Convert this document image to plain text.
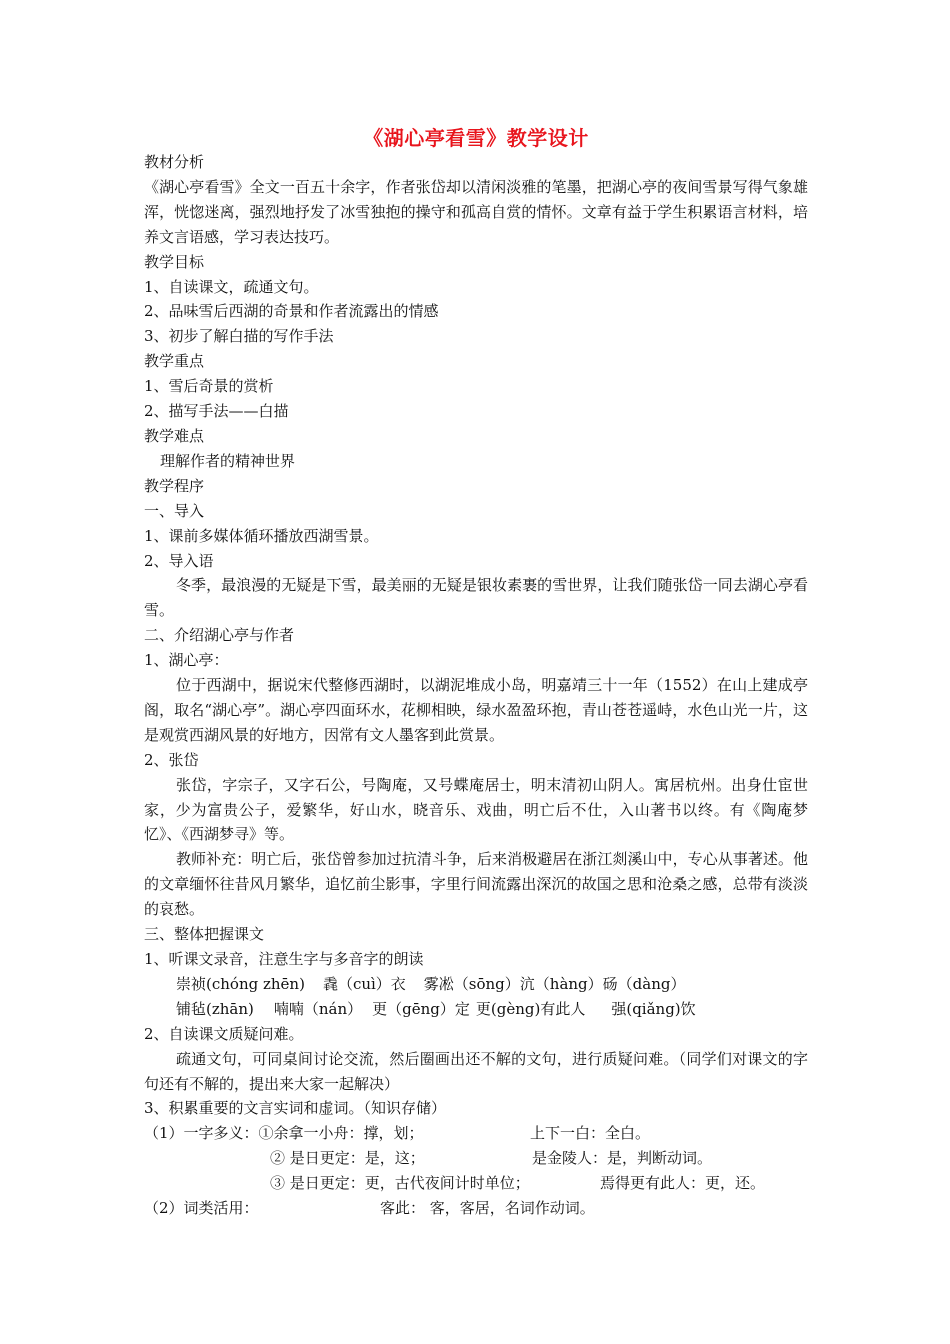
《湖心亭看雪》教学设计

教材分析

《湖心亭看雪》全文一百五十余字，作者张岱却以清闲淡雅的笔墨，把湖心亭的夜间雪景写得气象雄浑，恍惚迷离，强烈地抒发了冰雪独抱的操守和孤高自赏的情怀。文章有益于学生积累语言材料，培养文言语感，学习表达技巧。

教学目标

1、自读课文，疏通文句。

2、品味雪后西湖的奇景和作者流露出的情感

3、初步了解白描的写作手法

教学重点

1、雪后奇景的赏析

2、描写手法——白描

教学难点

理解作者的精神世界

教学程序

一、导入

1、课前多媒体循环播放西湖雪景。

2、导入语

冬季，最浪漫的无疑是下雪，最美丽的无疑是银妆素裹的雪世界，让我们随张岱一同去湖心亭看雪。

二、介绍湖心亭与作者

1、湖心亭：

位于西湖中，据说宋代整修西湖时，以湖泥堆成小岛，明嘉靖三十一年（1552）在山上建成亭阁，取名“湖心亭”。湖心亭四面环水，花柳相映，绿水盈盈环抱，青山苍苍遥峙，水色山光一片，这是观赏西湖风景的好地方，因常有文人墨客到此赏景。

2、张岱

张岱，字宗子，又字石公，号陶庵，又号蝶庵居士，明末清初山阴人。寓居杭州。出身仕宦世家，少为富贵公子，爱繁华，好山水，晓音乐、戏曲，明亡后不仕，入山著书以终。有《陶庵梦忆》、《西湖梦寻》等。

教师补充：明亡后，张岱曾参加过抗清斗争，后来消极避居在浙江剡溪山中，专心从事著述。他的文章缅怀往昔风月繁华，追忆前尘影事，字里行间流露出深沉的故国之思和沧桑之感，总带有淡淡的哀愁。

三、整体把握课文

1、听课文录音，注意生字与多音字的朗读

崇祯(chóng zhēn) 毳（cuì）衣 雾凇（sōng）沆（hàng）砀（dàng）
铺毡(zhān) 喃喃（nán） 更（gēng）定 更(gèng)有此人 强(qiǎng)饮

2、自读课文质疑问难。

疏通文句，可同桌间讨论交流，然后圈画出还不解的文句，进行质疑问难。（同学们对课文的字句还有不解的，提出来大家一起解决）

3、积累重要的文言实词和虚词。（知识存储）

（1）一字多义：①余拿一小舟：撑，划；	上下一白：全白。
② 是日更定：是，这；	是金陵人：是，判断动词。
③ 是日更定：更，古代夜间计时单位；	焉得更有此人：更，还。
（2）词类活用：	客此： 客，客居，名词作动词。
